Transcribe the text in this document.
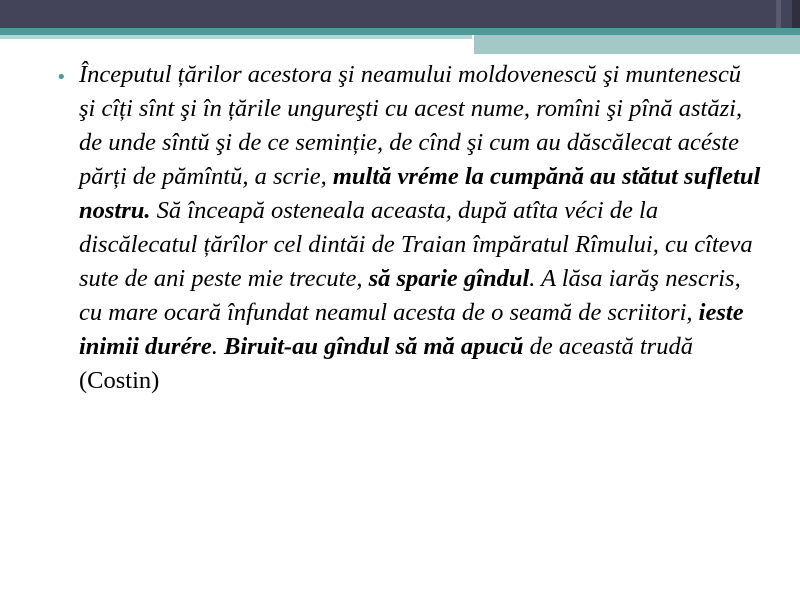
• Începutul țărilor acestora şi neamului moldovenescŭ şi muntenescŭ şi cîți sînt şi în țările ungureşti cu acest nume, romîni şi pînă astăzi, de unde sîntŭ şi de ce seminție, de cînd şi cum au dăscălecat acéste părți de pămîntŭ, a scrie, multă vréme la cumpănă au stătut sufletul nostru. Să înceapă osteneala aceasta, după atîta véci de la discălecatul țărîlor cel dintăi de Traian împăratul Rîmului, cu cîteva sute de ani peste mie trecute, să sparie gîndul. A lăsa iarăş nescris, cu mare ocară înfundat neamul acesta de o seamă de scriitori, ieste inimii durére. Biruit-au gîndul să mă apucŭ de această trudă (Costin)
